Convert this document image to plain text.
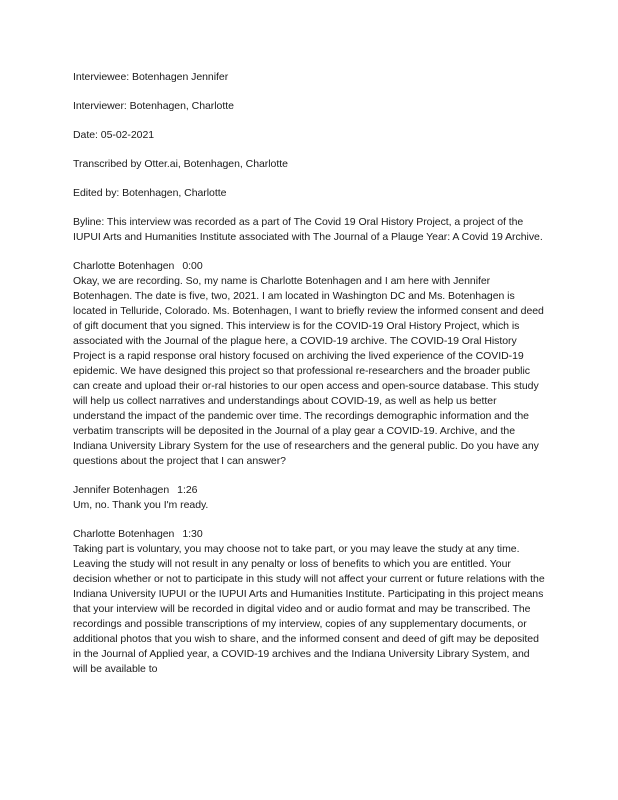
Interviewee: Botenhagen Jennifer

Interviewer: Botenhagen, Charlotte

Date: 05-02-2021

Transcribed by Otter.ai, Botenhagen, Charlotte

Edited by: Botenhagen, Charlotte

Byline: This interview was recorded as a part of The Covid 19 Oral History Project, a project of the IUPUI Arts and Humanities Institute associated with The Journal of a Plauge Year: A Covid 19 Archive.

Charlotte Botenhagen 0:00

Okay, we are recording. So, my name is Charlotte Botenhagen and I am here with Jennifer Botenhagen. The date is five, two, 2021. I am located in Washington DC and Ms. Botenhagen is located in Telluride, Colorado. Ms. Botenhagen, I want to briefly review the informed consent and deed of gift document that you signed. This interview is for the COVID-19 Oral History Project, which is associated with the Journal of the plague here, a COVID-19 archive. The COVID-19 Oral History Project is a rapid response oral history focused on archiving the lived experience of the COVID-19 epidemic. We have designed this project so that professional re-researchers and the broader public can create and upload their or-ral histories to our open access and open-source database. This study will help us collect narratives and understandings about COVID-19, as well as help us better understand the impact of the pandemic over time. The recordings demographic information and the verbatim transcripts will be deposited in the Journal of a play gear a COVID-19. Archive, and the Indiana University Library System for the use of researchers and the general public. Do you have any questions about the project that I can answer?

Jennifer Botenhagen 1:26

Um, no. Thank you I'm ready.

Charlotte Botenhagen 1:30

Taking part is voluntary, you may choose not to take part, or you may leave the study at any time. Leaving the study will not result in any penalty or loss of benefits to which you are entitled. Your decision whether or not to participate in this study will not affect your current or future relations with the Indiana University IUPUI or the IUPUI Arts and Humanities Institute. Participating in this project means that your interview will be recorded in digital video and or audio format and may be transcribed. The recordings and possible transcriptions of my interview, copies of any supplementary documents, or additional photos that you wish to share, and the informed consent and deed of gift may be deposited in the Journal of Applied year, a COVID-19 archives and the Indiana University Library System, and will be available to
